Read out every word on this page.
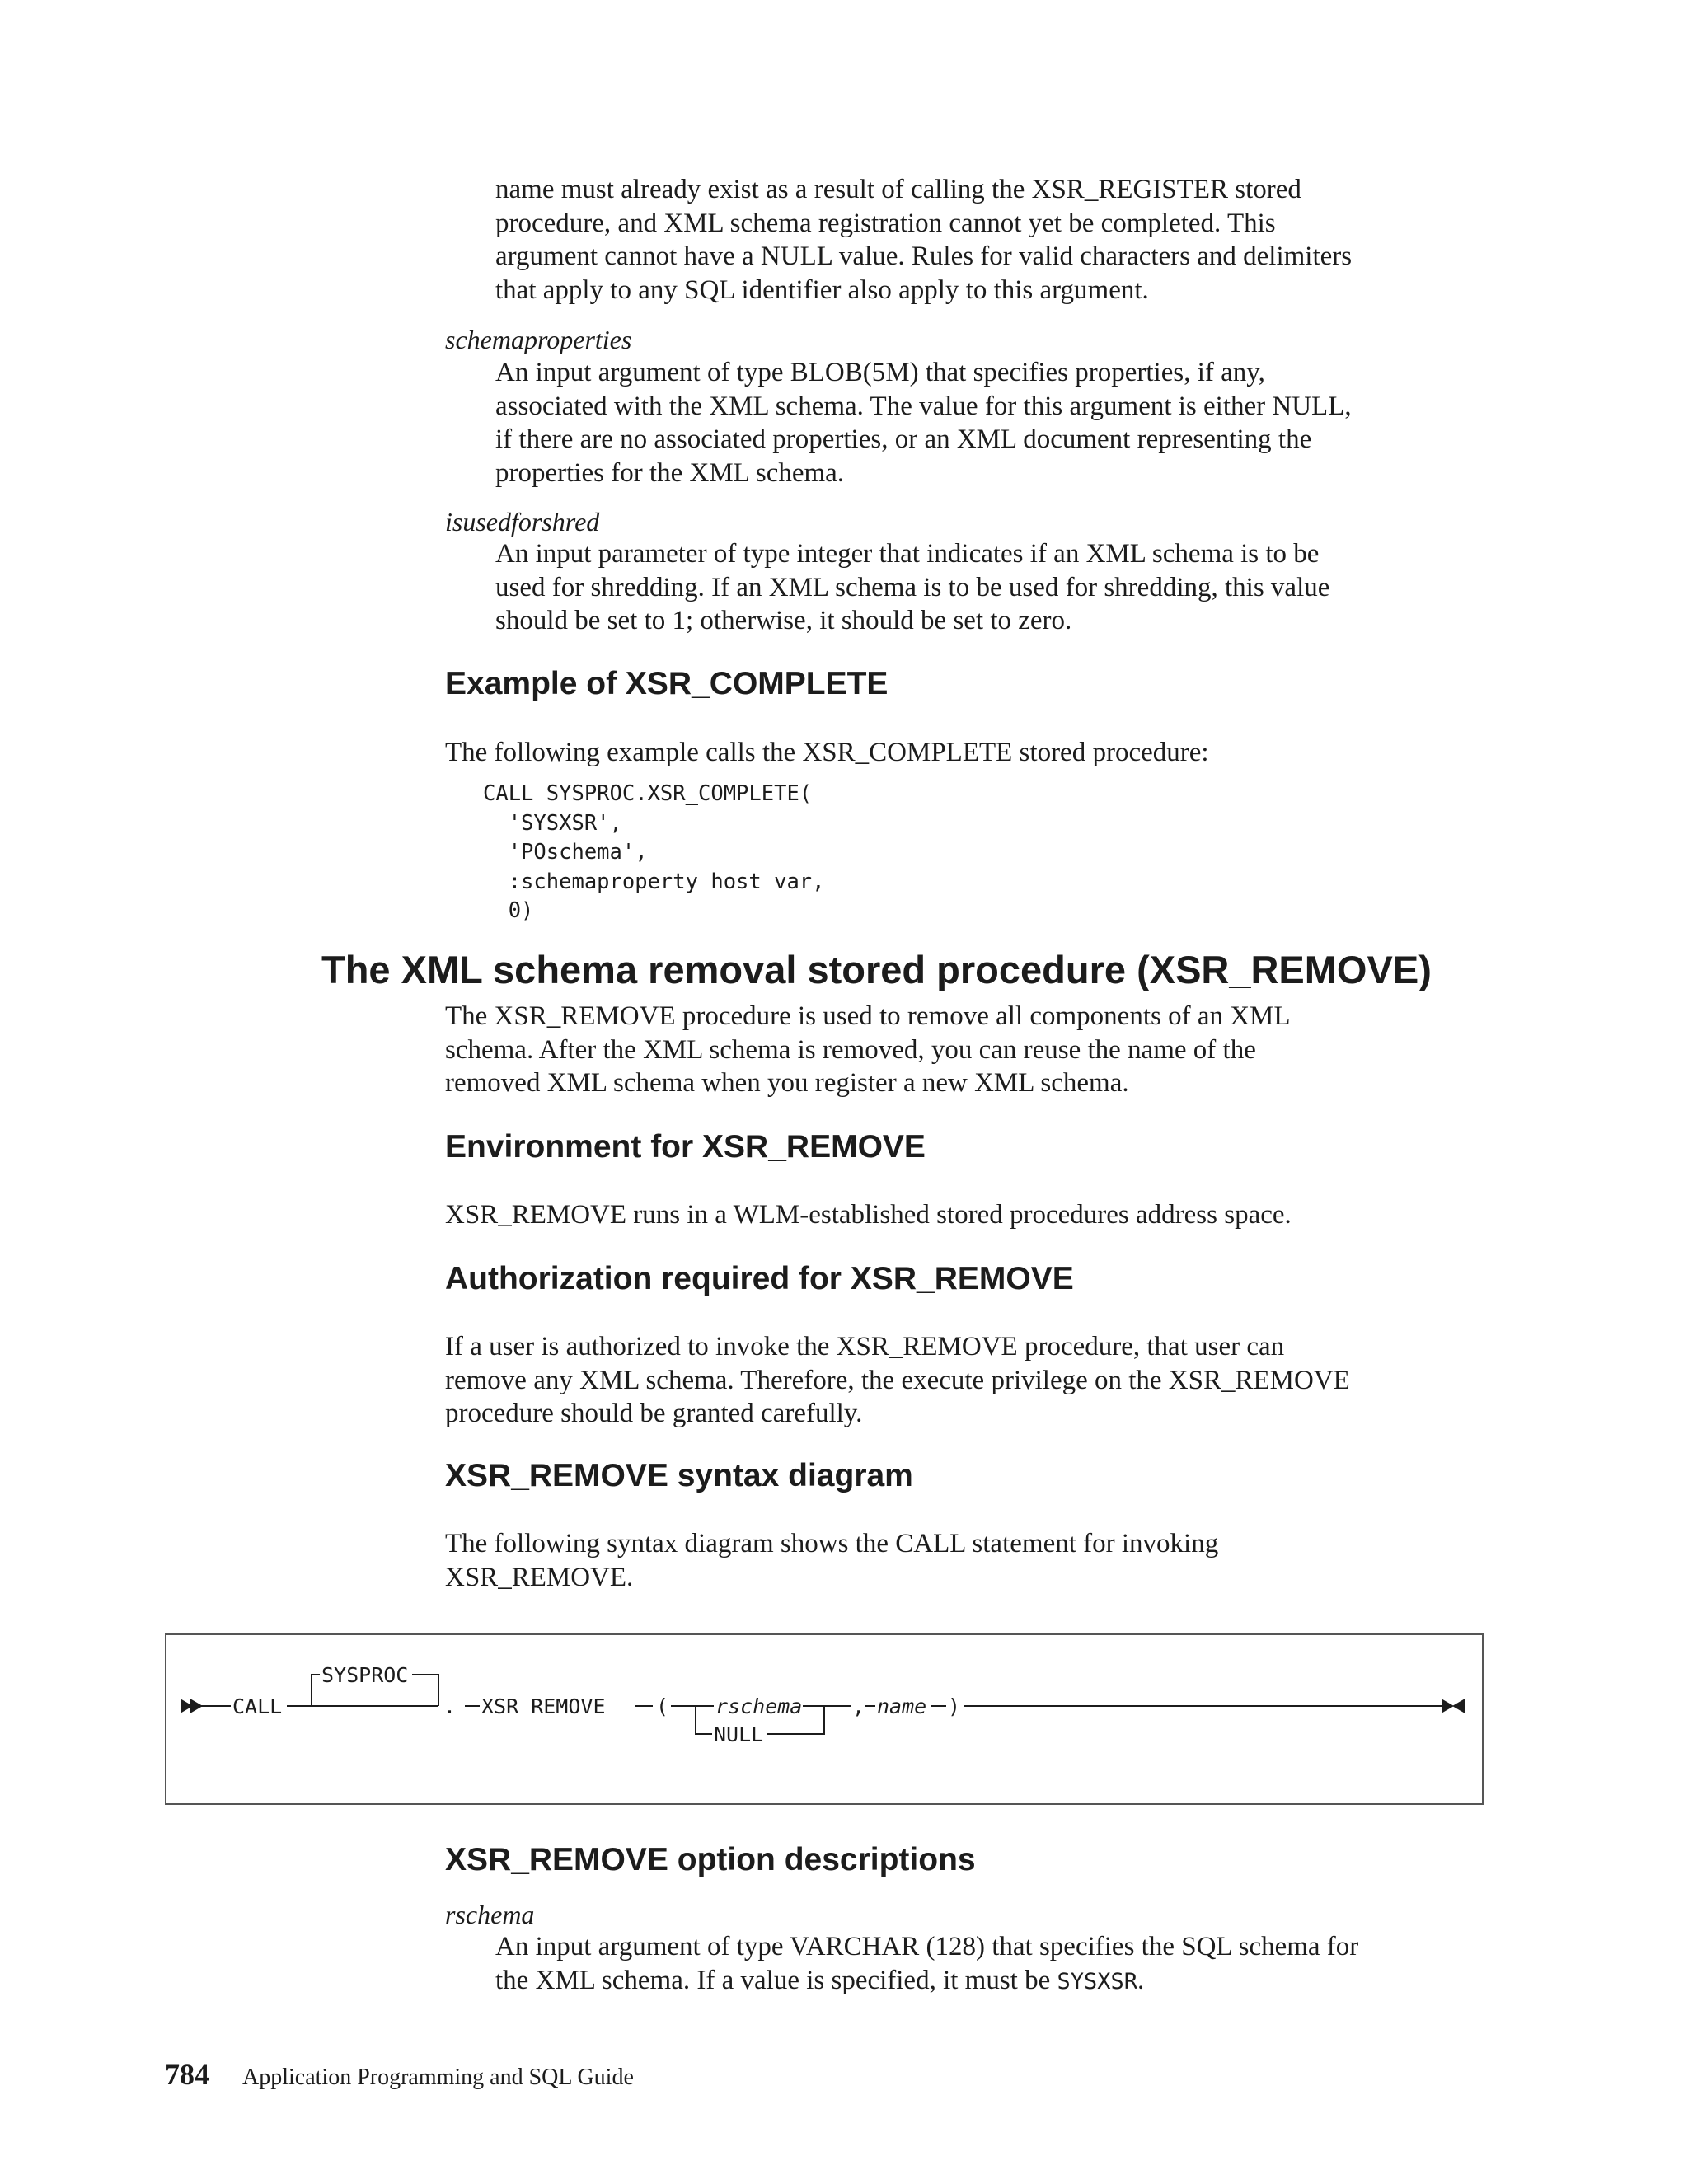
name must already exist as a result of calling the XSR_REGISTER stored

procedure, and XML schema registration cannot yet be completed. This

argument cannot have a NULL value. Rules for valid characters and delimiters

that apply to any SQL identifier also apply to this argument.

schemaproperties

An input argument of type BLOB(5M) that specifies properties, if any,

associated with the XML schema. The value for this argument is either NULL,

if there are no associated properties, or an XML document representing the

properties for the XML schema.

isusedforshred

An input parameter of type integer that indicates if an XML schema is to be

used for shredding. If an XML schema is to be used for shredding, this value

should be set to 1; otherwise, it should be set to zero.

Example of XSR_COMPLETE

The following example calls the XSR_COMPLETE stored procedure:

CALL SYSPROC.XSR_COMPLETE(

'SYSXSR',

'POschema',

:schemaproperty_host_var,

0)

The XML schema removal stored procedure (XSR_REMOVE)

The XSR_REMOVE procedure is used to remove all components of an XML

schema. After the XML schema is removed, you can reuse the name of the

removed XML schema when you register a new XML schema.

Environment for XSR_REMOVE

XSR_REMOVE runs in a WLM-established stored procedures address space.

Authorization required for XSR_REMOVE

If a user is authorized to invoke the XSR_REMOVE procedure, that user can

remove any XML schema. Therefore, the execute privilege on the XSR_REMOVE

procedure should be granted carefully.

XSR_REMOVE syntax diagram

The following syntax diagram shows the CALL statement for invoking

XSR_REMOVE.

CALL
SYSPROC
. XSR_REMOVE ( rschema
NULL
, name )
XSR_REMOVE option descriptions
rschema

An input argument of type VARCHAR (128) that specifies the SQL schema for

the XML schema. If a value is specified, it must be SYSXSR.

784 Application Programming and SQL Guide
